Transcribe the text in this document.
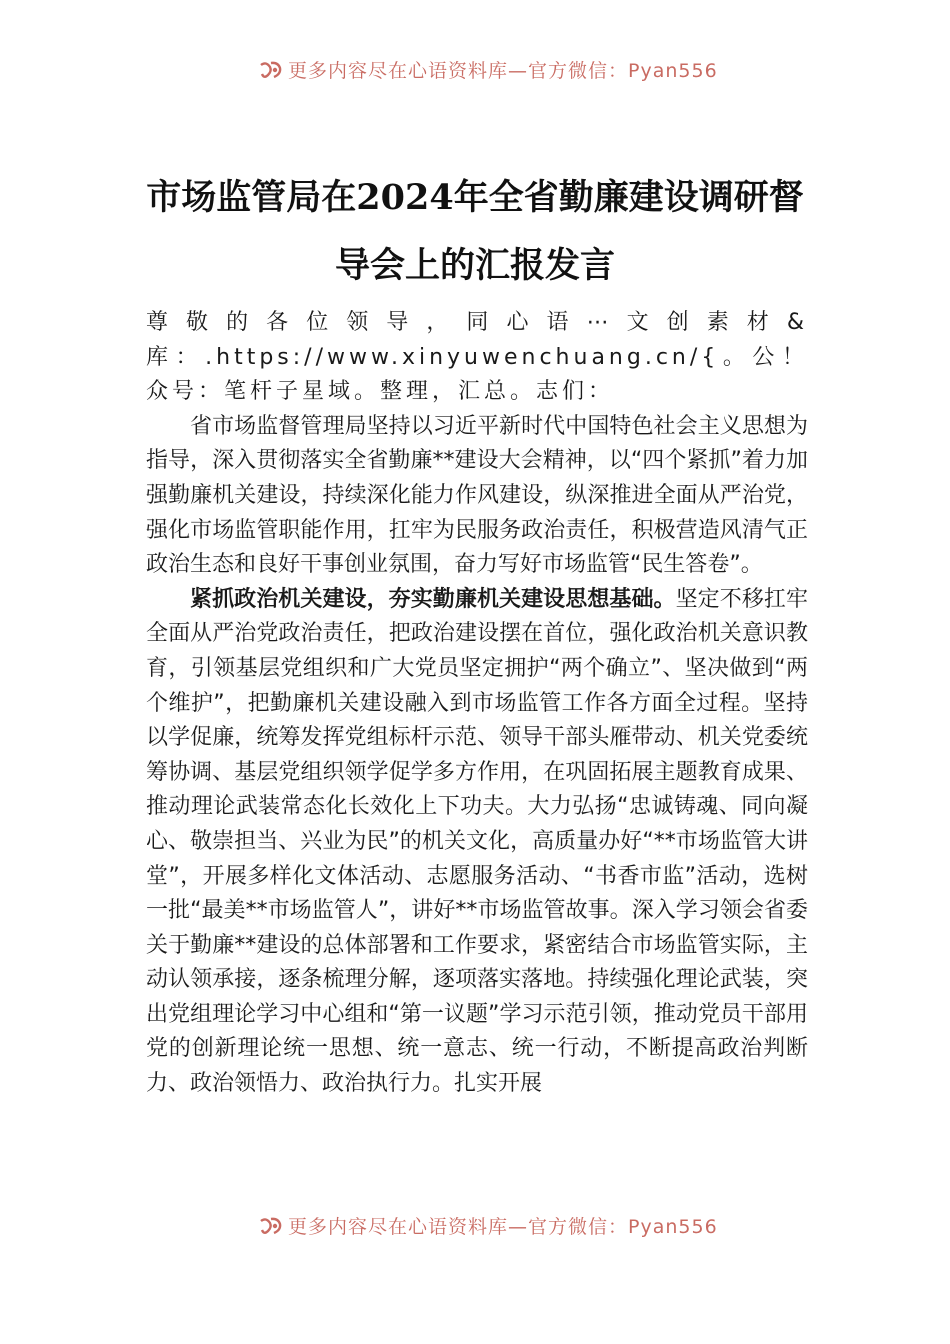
更多内容尽在心语资料库—官方微信：Pyan556
市场监管局在2024年全省勤廉建设调研督
导会上的汇报发言

尊敬的各位领导，同心语⋯文创素材&库：.https://www.xinyuwenchuang.cn/{。公！众号：笔杆子星域。整理，汇总。志们：

省市场监督管理局坚持以习近平新时代中国特色社会主义思想为指导，深入贯彻落实全省勤廉**建设大会精神，以“四个紧抓”着力加强勤廉机关建设，持续深化能力作风建设，纵深推进全面从严治党，强化市场监管职能作用，扛牢为民服务政治责任，积极营造风清气正政治生态和良好干事创业氛围，奋力写好市场监管“民生答卷”。

紧抓政治机关建设，夯实勤廉机关建设思想基础。坚定不移扛牢全面从严治党政治责任，把政治建设摆在首位，强化政治机关意识教育，引领基层党组织和广大党员坚定拥护“两个确立”、坚决做到“两个维护”，把勤廉机关建设融入到市场监管工作各方面全过程。坚持以学促廉，统筹发挥党组标杆示范、领导干部头雁带动、机关党委统筹协调、基层党组织领学促学多方作用，在巩固拓展主题教育成果、推动理论武装常态化长效化上下功夫。大力弘扬“忠诚铸魂、同向凝心、敬崇担当、兴业为民”的机关文化，高质量办好“**市场监管大讲堂”，开展多样化文体活动、志愿服务活动、“书香市监”活动，选树一批“最美**市场监管人”，讲好**市场监管故事。深入学习领会省委关于勤廉**建设的总体部署和工作要求，紧密结合市场监管实际，主动认领承接，逐条梳理分解，逐项落实落地。持续强化理论武装，突出党组理论学习中心组和“第一议题”学习示范引领，推动党员干部用党的创新理论统一思想、统一意志、统一行动，不断提高政治判断力、政治领悟力、政治执行力。扎实开展

更多内容尽在心语资料库—官方微信：Pyan556
